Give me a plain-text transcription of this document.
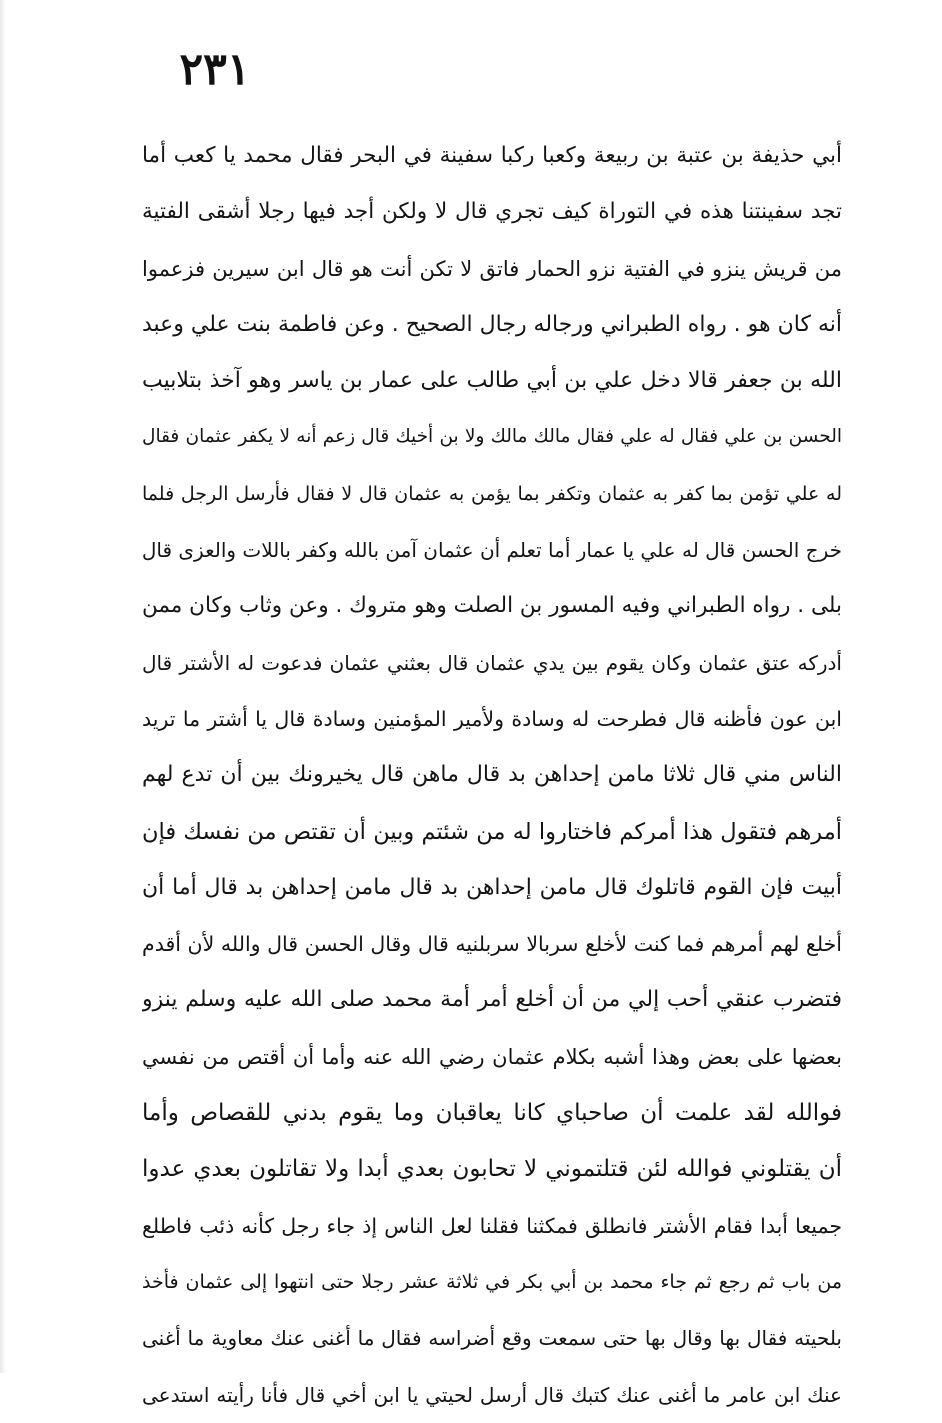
٢٣١
أبي حذيفة بن عتبة بن ربيعة وكعبا ركبا سفينة في البحر فقال محمد يا كعب أما
تجد سفينتنا هذه في التوراة كيف تجري قال لا ولكن أجد فيها رجلا أشقى الفتية
من قريش ينزو في الفتية نزو الحمار فاتق لا تكن أنت هو قال ابن سيرين فزعموا
أنه كان هو . رواه الطبراني ورجاله رجال الصحيح . وعن فاطمة بنت علي وعبد
الله بن جعفر قالا دخل علي بن أبي طالب على عمار بن ياسر وهو آخذ بتلابيب
الحسن بن علي فقال له علي فقال مالك مالك ولا بن أخيك قال زعم أنه لا يكفر عثمان فقال
له علي تؤمن بما كفر به عثمان وتكفر بما يؤمن به عثمان قال لا فقال فأرسل الرجل فلما
خرج الحسن قال له علي يا عمار أما تعلم أن عثمان آمن بالله وكفر باللات والعزى قال
بلى . رواه الطبراني وفيه المسور بن الصلت وهو متروك . وعن وثاب وكان ممن
أدركه عتق عثمان وكان يقوم بين يدي عثمان قال بعثني عثمان فدعوت له الأشتر قال
ابن عون فأظنه قال فطرحت له وسادة ولأمير المؤمنين وسادة قال يا أشتر ما تريد
الناس مني قال ثلاثا مامن إحداهن بد قال ماهن قال يخيرونك بين أن تدع لهم
أمرهم فتقول هذا أمركم فاختاروا له من شئتم وبين أن تقتص من نفسك فإن
أبيت فإن القوم قاتلوك قال مامن إحداهن بد قال مامن إحداهن بد قال أما أن
أخلع لهم أمرهم فما كنت لأخلع سربالا سربلنيه قال وقال الحسن قال والله لأن أقدم
فتضرب عنقي أحب إلي من أن أخلع أمر أمة محمد صلى الله عليه وسلم ينزو
بعضها على بعض وهذا أشبه بكلام عثمان رضي الله عنه وأما أن أقتص من نفسي
فوالله لقد علمت أن صاحباي كانا يعاقبان وما يقوم بدني للقصاص وأما
أن يقتلوني فوالله لئن قتلتموني لا تحابون بعدي أبدا ولا تقاتلون بعدي عدوا
جميعا أبدا فقام الأشتر فانطلق فمكثنا فقلنا لعل الناس إذ جاء رجل كأنه ذئب فاطلع
من باب ثم رجع ثم جاء محمد بن أبي بكر في ثلاثة عشر رجلا حتى انتهوا إلى عثمان فأخذ
بلحيته فقال بها وقال بها حتى سمعت وقع أضراسه فقال ما أغنى عنك معاوية ما أغنى
عنك ابن عامر ما أغنى عنك كتبك قال أرسل لحيتي يا ابن أخي قال فأنا رأيته استدعى
